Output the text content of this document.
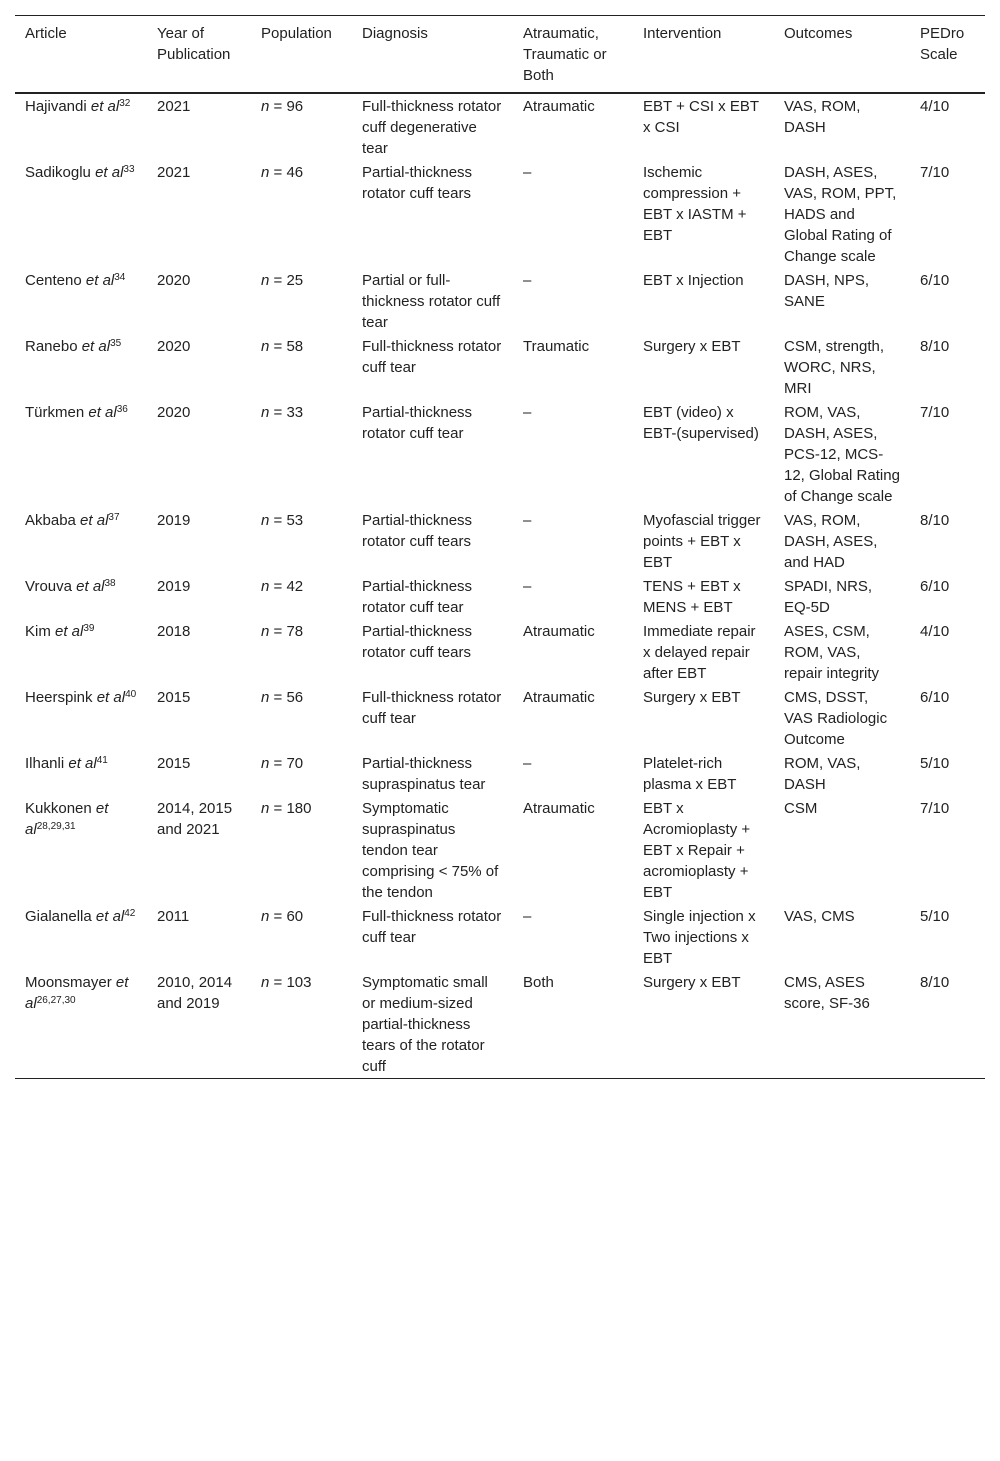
Article	Year of Publication	Population	Diagnosis	Atraumatic, Traumatic or Both	Intervention	Outcomes	PEDro Scale
Hajivandi et $al^{32}$	2021	n = 96	Full-thickness rotator cuff degenerative tear	Atraumatic	EBT + CSI x EBT x CSI	VAS, ROM, DASH	4/10
Sadikoglu et $al^{33}$	2021	n = 46	Partial-thickness rotator cuff tears	–	Ischemic compression + EBT x IASTM + EBT	DASH, ASES, VAS, ROM, PPT, HADS and Global Rating of Change scale	7/10
Centeno et $al^{34}$	2020	n = 25	Partial or full-thickness rotator cuff tear	–	EBT x Injection	DASH, NPS, SANE	6/10
Ranebo et $al^{35}$	2020	n = 58	Full-thickness rotator cuff tear	Traumatic	Surgery x EBT	CSM, strength, WORC, NRS, MRI	8/10
Türkmen et $al^{36}$	2020	n = 33	Partial-thickness rotator cuff tear	–	EBT (video) x EBT-(supervised)	ROM, VAS, DASH, ASES, PCS-12, MCS-12, Global Rating of Change scale	7/10
Akbaba et $al^{37}$	2019	n = 53	Partial-thickness rotator cuff tears	–	Myofascial trigger points + EBT x EBT	VAS, ROM, DASH, ASES, and HAD	8/10
Vrouva et $al^{38}$	2019	n = 42	Partial-thickness rotator cuff tear	–	TENS + EBT x MENS + EBT	SPADI, NRS, EQ-5D	6/10
Kim et $al^{39}$	2018	n = 78	Partial-thickness rotator cuff tears	Atraumatic	Immediate repair x delayed repair after EBT	ASES, CSM, ROM, VAS, repair integrity	4/10
Heerspink et $al^{40}$	2015	n = 56	Full-thickness rotator cuff tear	Atraumatic	Surgery x EBT	CMS, DSST, VAS Radiologic Outcome	6/10
Ilhanli et $al^{41}$	2015	n = 70	Partial-thickness supraspinatus tear	–	Platelet-rich plasma x EBT	ROM, VAS, DASH	5/10
Kukkonen et al$^{28,29,31}$	2014, 2015 and 2021	n = 180	Symptomatic supraspinatus tendon tear comprising < 75% of the tendon	Atraumatic	EBT x Acromioplasty + EBT x Repair + acromioplasty + EBT	CSM	7/10
Gialanella et $al^{42}$	2011	n = 60	Full-thickness rotator cuff tear	–	Single injection x Two injections x EBT	VAS, CMS	5/10
Moonsmayer et al$^{26,27,30}$	2010, 2014 and 2019	n = 103	Symptomatic small or medium-sized partial-thickness tears of the rotator cuff	Both	Surgery x EBT	CMS, ASES score, SF-36	8/10
